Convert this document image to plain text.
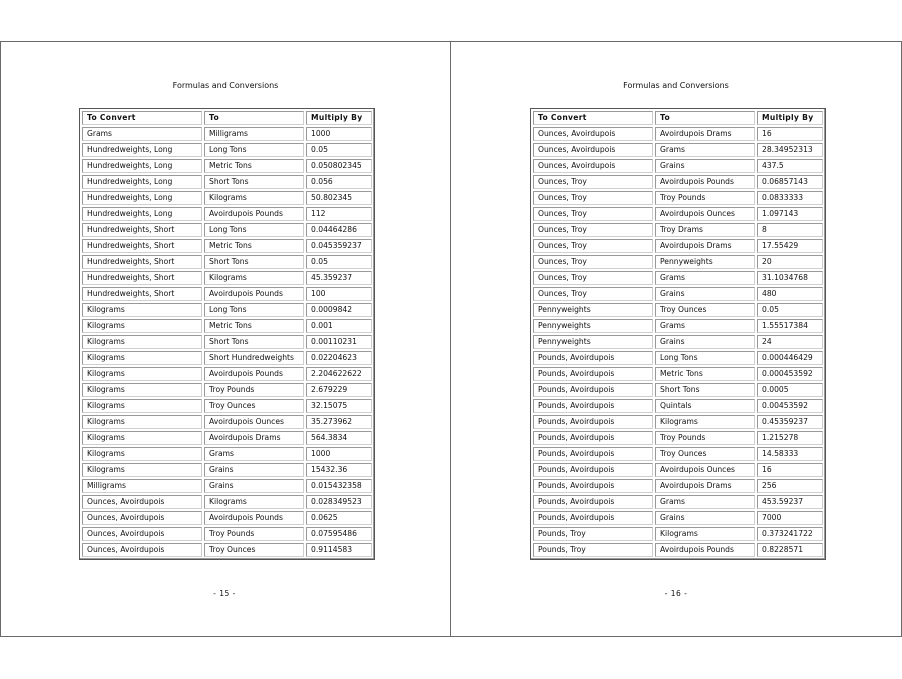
Formulas and Conversions
To Convert	To	Multiply By
Grams	Milligrams	1000
Hundredweights, Long	Long Tons	0.05
Hundredweights, Long	Metric Tons	0.050802345
Hundredweights, Long	Short Tons	0.056
Hundredweights, Long	Kilograms	50.802345
Hundredweights, Long	Avoirdupois Pounds	112
Hundredweights, Short	Long Tons	0.04464286
Hundredweights, Short	Metric Tons	0.045359237
Hundredweights, Short	Short Tons	0.05
Hundredweights, Short	Kilograms	45.359237
Hundredweights, Short	Avoirdupois Pounds	100
Kilograms	Long Tons	0.0009842
Kilograms	Metric Tons	0.001
Kilograms	Short Tons	0.00110231
Kilograms	Short Hundredweights	0.02204623
Kilograms	Avoirdupois Pounds	2.204622622
Kilograms	Troy Pounds	2.679229
Kilograms	Troy Ounces	32.15075
Kilograms	Avoirdupois Ounces	35.273962
Kilograms	Avoirdupois Drams	564.3834
Kilograms	Grams	1000
Kilograms	Grains	15432.36
Milligrams	Grains	0.015432358
Ounces, Avoirdupois	Kilograms	0.028349523
Ounces, Avoirdupois	Avoirdupois Pounds	0.0625
Ounces, Avoirdupois	Troy Pounds	0.07595486
Ounces, Avoirdupois	Troy Ounces	0.9114583
- 15 -
Formulas and Conversions
To Convert	To	Multiply By
Ounces, Avoirdupois	Avoirdupois Drams	16
Ounces, Avoirdupois	Grams	28.34952313
Ounces, Avoirdupois	Grains	437.5
Ounces, Troy	Avoirdupois Pounds	0.06857143
Ounces, Troy	Troy Pounds	0.0833333
Ounces, Troy	Avoirdupois Ounces	1.097143
Ounces, Troy	Troy Drams	8
Ounces, Troy	Avoirdupois Drams	17.55429
Ounces, Troy	Pennyweights	20
Ounces, Troy	Grams	31.1034768
Ounces, Troy	Grains	480
Pennyweights	Troy Ounces	0.05
Pennyweights	Grams	1.55517384
Pennyweights	Grains	24
Pounds, Avoirdupois	Long Tons	0.000446429
Pounds, Avoirdupois	Metric Tons	0.000453592
Pounds, Avoirdupois	Short Tons	0.0005
Pounds, Avoirdupois	Quintals	0.00453592
Pounds, Avoirdupois	Kilograms	0.45359237
Pounds, Avoirdupois	Troy Pounds	1.215278
Pounds, Avoirdupois	Troy Ounces	14.58333
Pounds, Avoirdupois	Avoirdupois Ounces	16
Pounds, Avoirdupois	Avoirdupois Drams	256
Pounds, Avoirdupois	Grams	453.59237
Pounds, Avoirdupois	Grains	7000
Pounds, Troy	Kilograms	0.373241722
Pounds, Troy	Avoirdupois Pounds	0.8228571
- 16 -
